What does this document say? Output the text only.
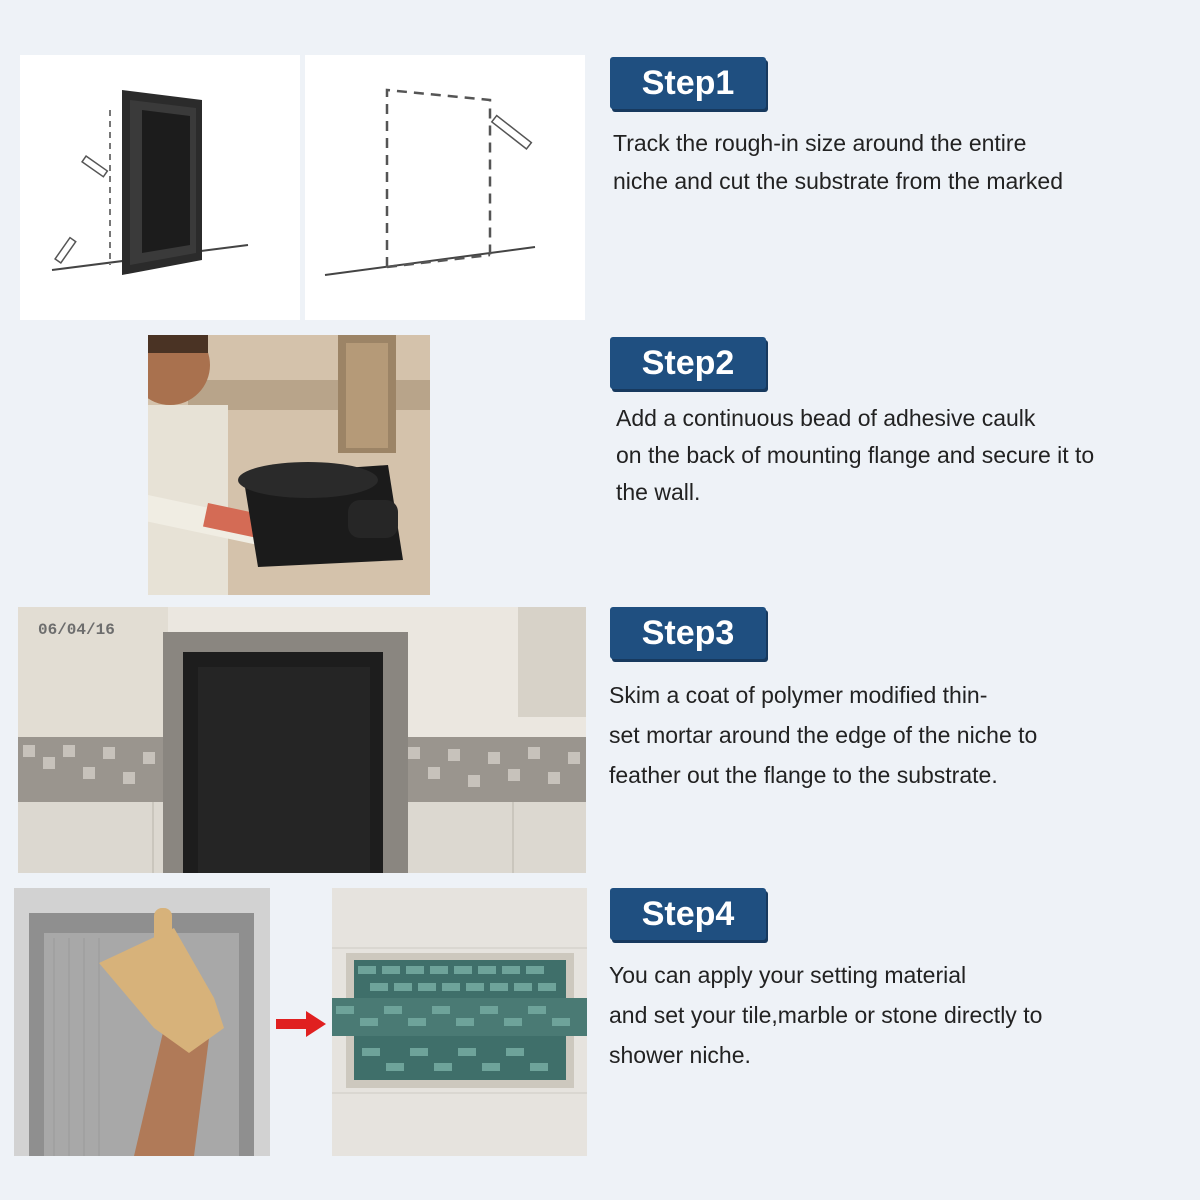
06/04/16
Step1

Track the rough-in size around the entire
niche and cut the substrate from the marked

Step2

Add a continuous bead of adhesive caulk
on the back of mounting flange and secure it to
the wall.

Step3

Skim a coat of polymer modified thin-
set mortar around the edge of the niche to
feather out the flange to the substrate.

Step4

You can apply your setting material
and set your tile,marble or stone directly to
shower niche.
